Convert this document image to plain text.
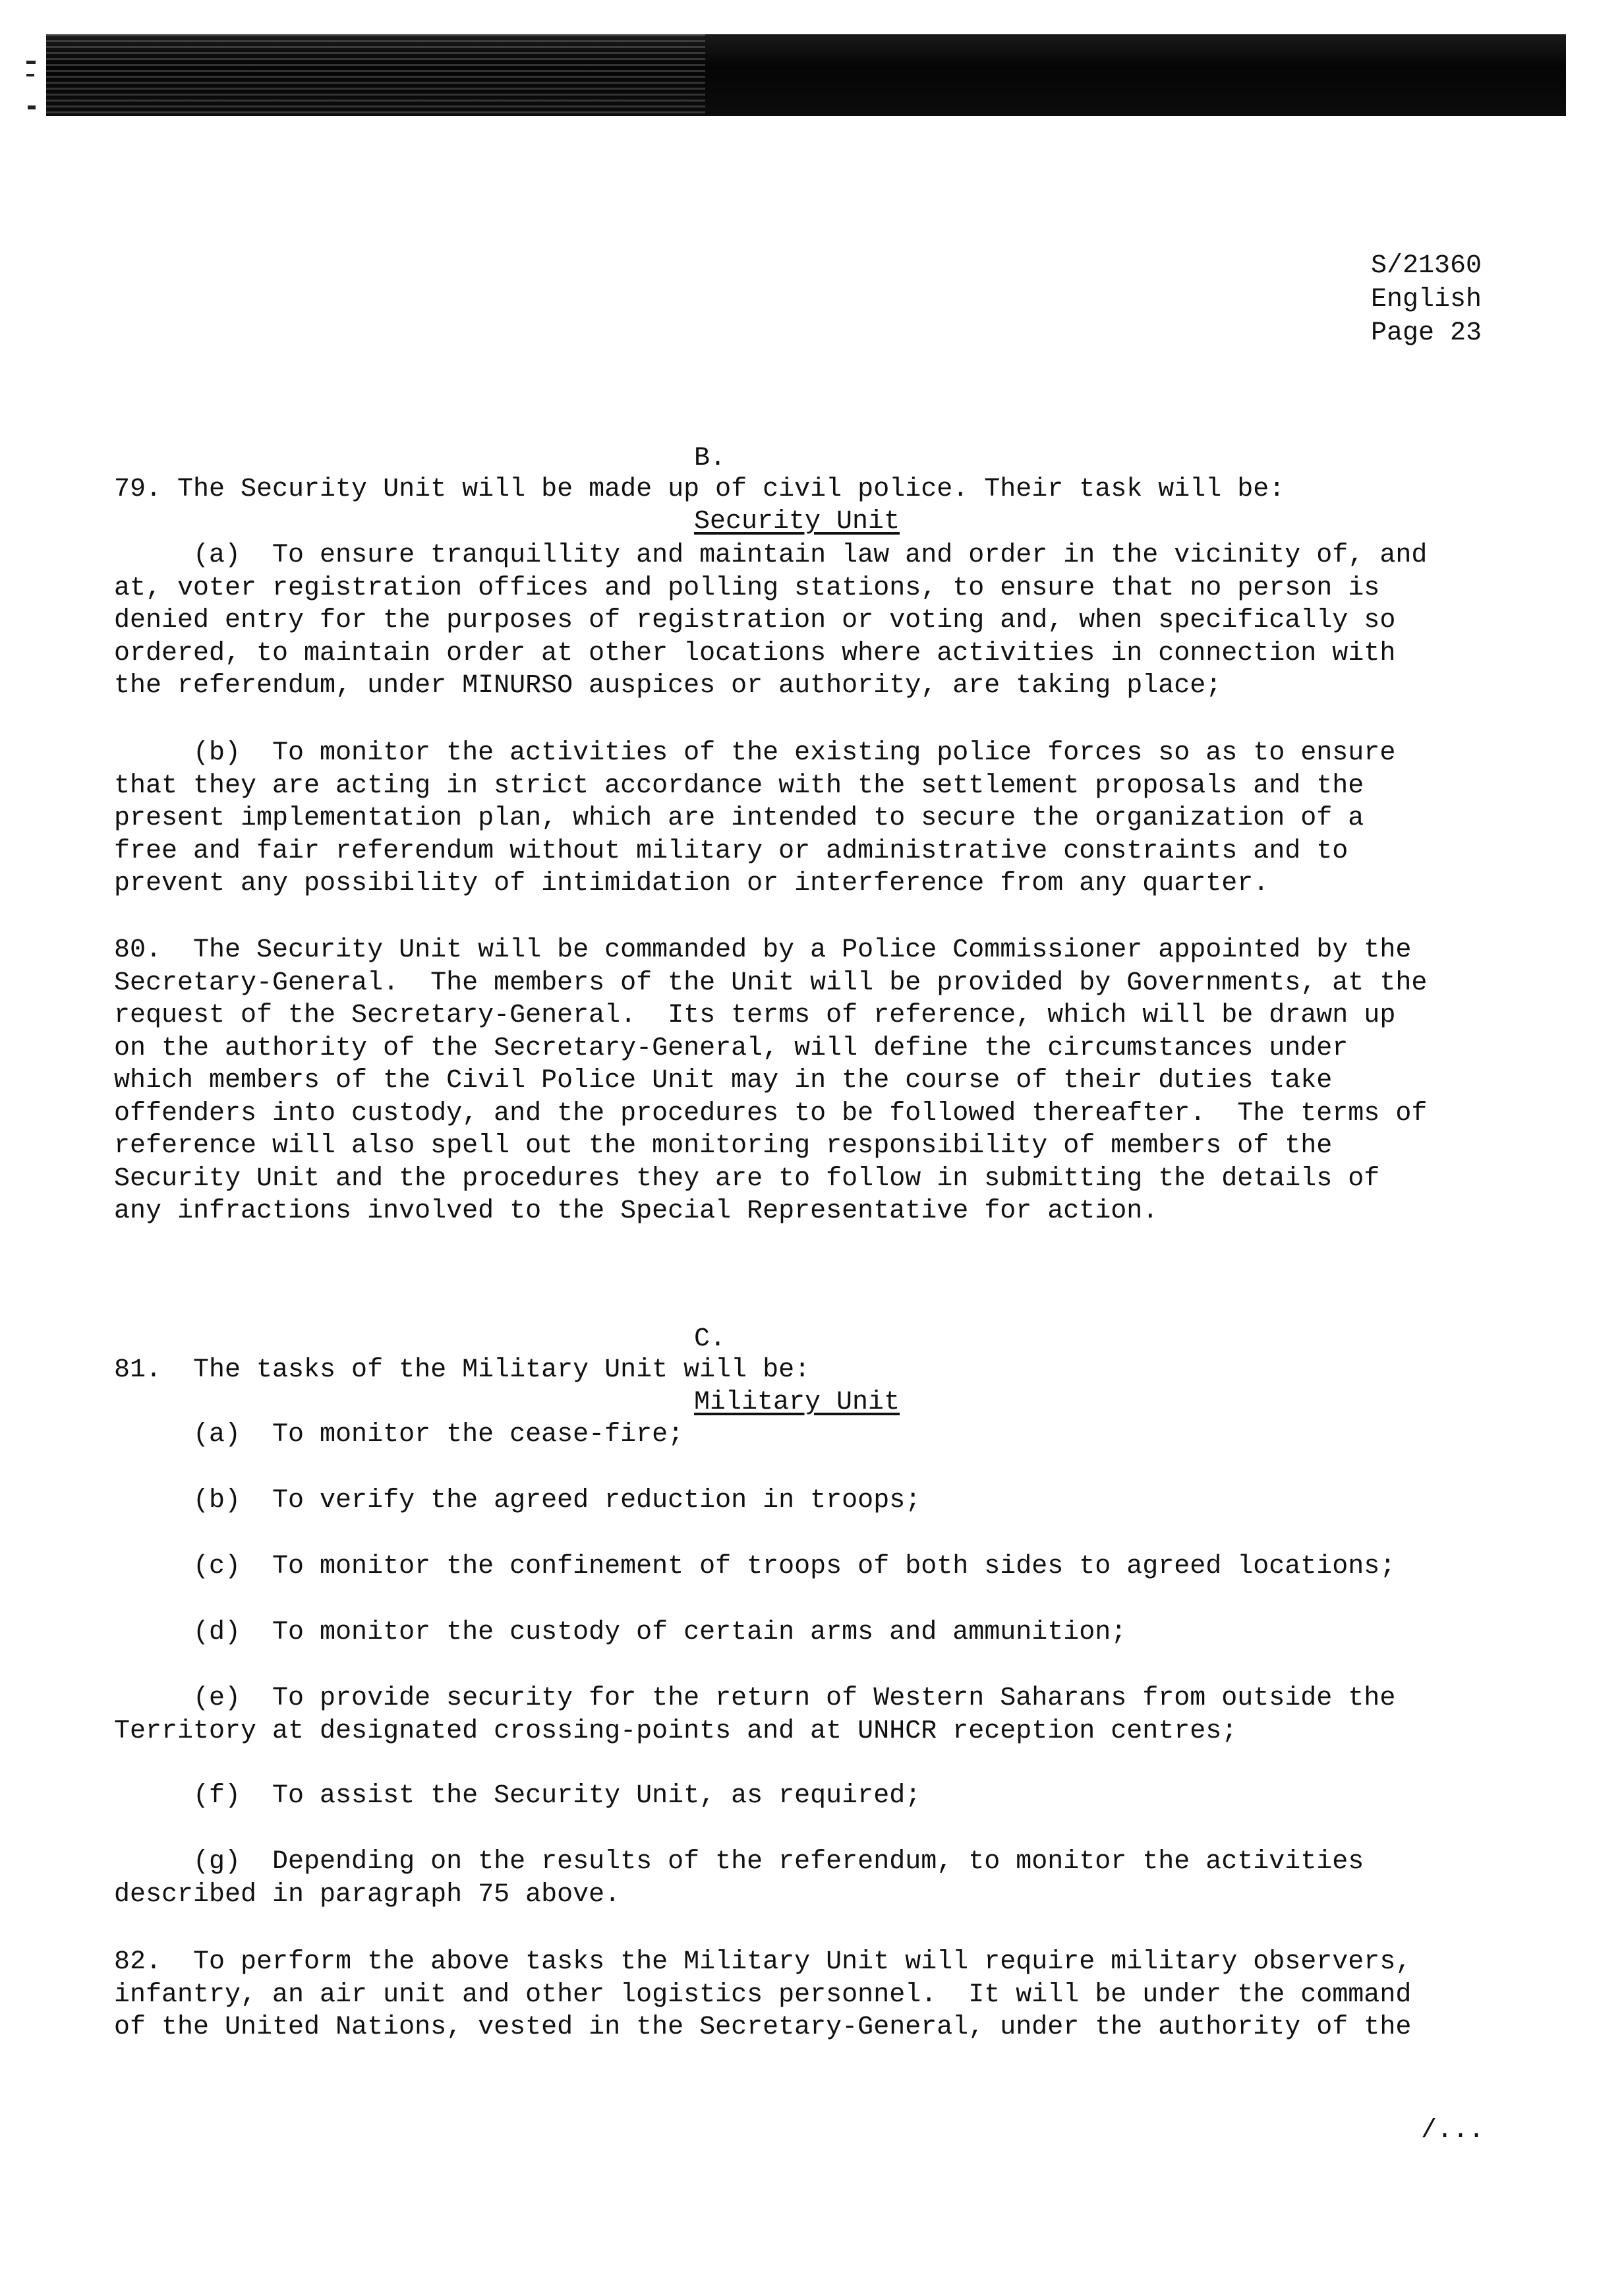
S/21360
English
Page 23

B.

Security Unit

79. The Security Unit will be made up of civil police. Their task will be:
(a)  To ensure tranquillity and maintain law and order in the vicinity of, and
at, voter registration offices and polling stations, to ensure that no person is
denied entry for the purposes of registration or voting and, when specifically so
ordered, to maintain order at other locations where activities in connection with
the referendum, under MINURSO auspices or authority, are taking place;
(b)  To monitor the activities of the existing police forces so as to ensure
that they are acting in strict accordance with the settlement proposals and the
present implementation plan, which are intended to secure the organization of a
free and fair referendum without military or administrative constraints and to
prevent any possibility of intimidation or interference from any quarter.
80.  The Security Unit will be commanded by a Police Commissioner appointed by the
Secretary-General.  The members of the Unit will be provided by Governments, at the
request of the Secretary-General.  Its terms of reference, which will be drawn up
on the authority of the Secretary-General, will define the circumstances under
which members of the Civil Police Unit may in the course of their duties take
offenders into custody, and the procedures to be followed thereafter.  The terms of
reference will also spell out the monitoring responsibility of members of the
Security Unit and the procedures they are to follow in submitting the details of
any infractions involved to the Special Representative for action.

C.

Military Unit

81.  The tasks of the Military Unit will be:
(a)  To monitor the cease-fire;
(b)  To verify the agreed reduction in troops;
(c)  To monitor the confinement of troops of both sides to agreed locations;
(d)  To monitor the custody of certain arms and ammunition;
(e)  To provide security for the return of Western Saharans from outside the
Territory at designated crossing-points and at UNHCR reception centres;
(f)  To assist the Security Unit, as required;
(g)  Depending on the results of the referendum, to monitor the activities
described in paragraph 75 above.
82.  To perform the above tasks the Military Unit will require military observers,
infantry, an air unit and other logistics personnel.  It will be under the command
of the United Nations, vested in the Secretary-General, under the authority of the
/...
